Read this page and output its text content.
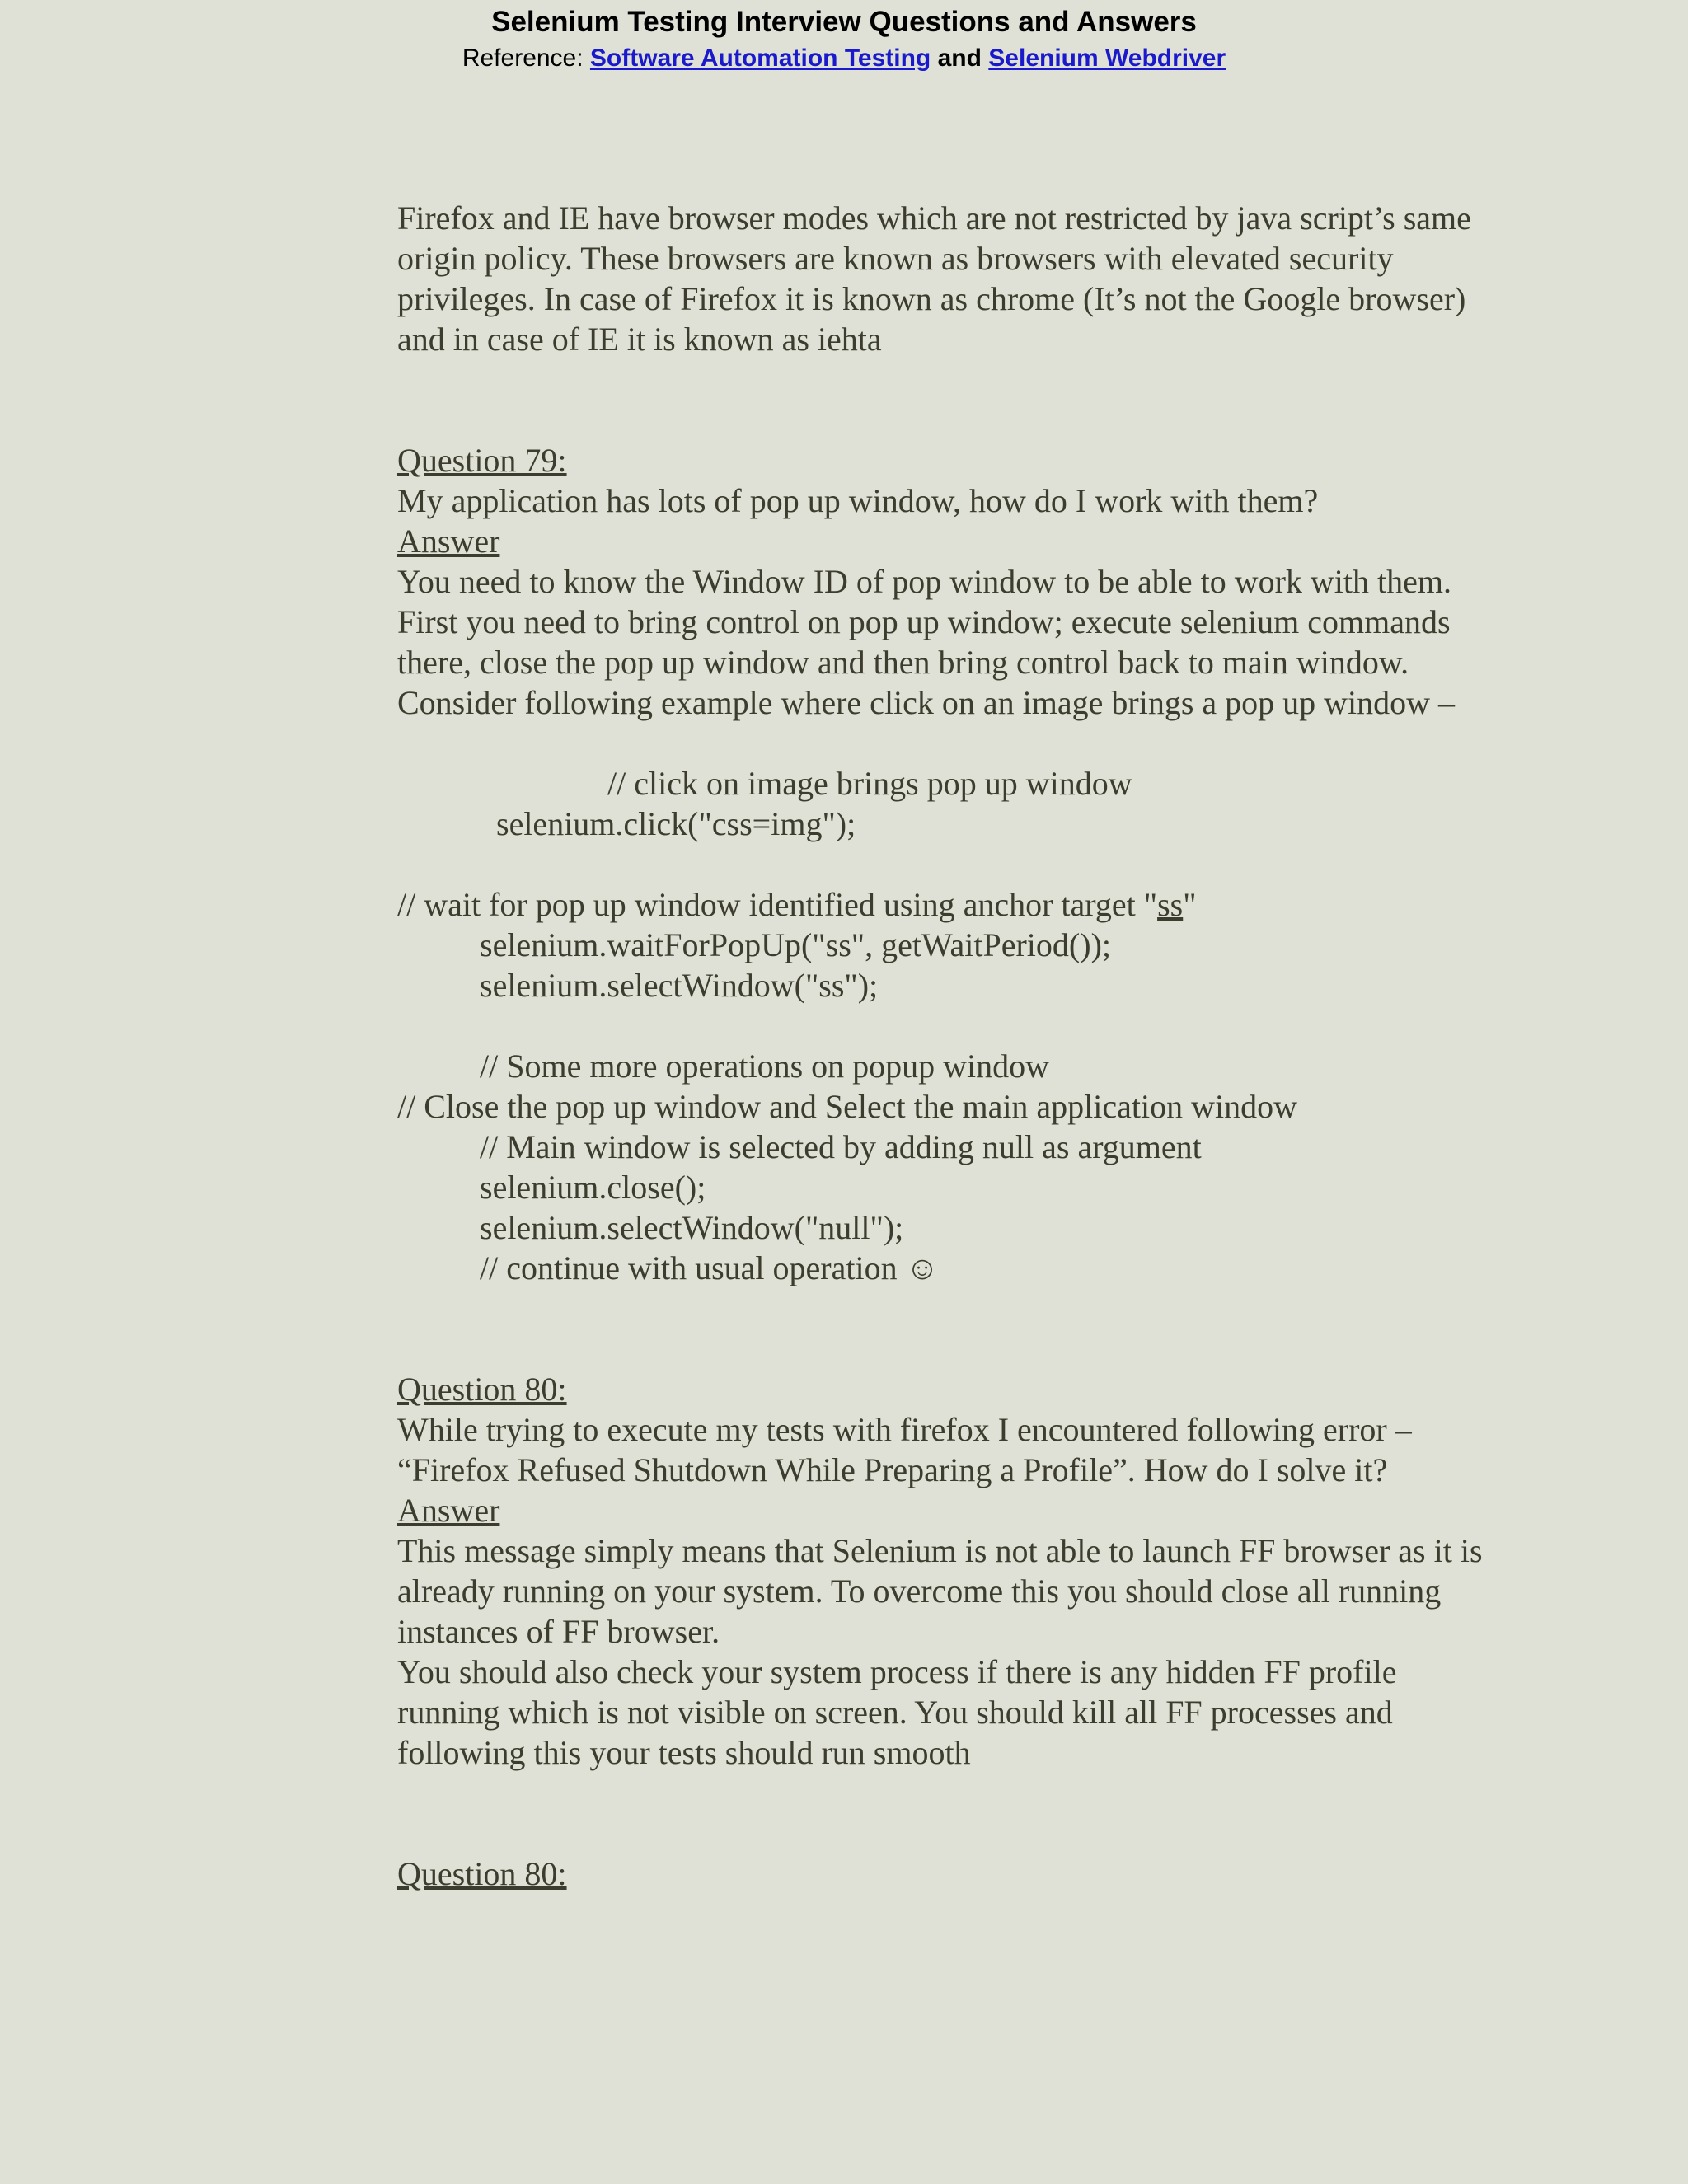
Selenium Testing Interview Questions and Answers
Reference: Software Automation Testing and Selenium Webdriver

Firefox and IE have browser modes which are not restricted by java script’s same origin policy. These browsers are known as browsers with elevated security privileges. In case of Firefox it is known as chrome (It’s not the Google browser) and in case of IE it is known as iehta

Question 79:

My application has lots of pop up window, how do I work with them?

Answer

You need to know the Window ID of pop window to be able to work with them.

First you need to bring control on pop up window; execute selenium commands there, close the pop up window and then bring control back to main window. Consider following example where click on an image brings a pop up window –

// click on image brings pop up window

selenium.click("css=img");

// wait for pop up window identified using anchor target "ss"

selenium.waitForPopUp("ss", getWaitPeriod());

selenium.selectWindow("ss");

// Some more operations on popup window

// Close the pop up window and Select the main application window

// Main window is selected by adding null as argument

selenium.close();

selenium.selectWindow("null");

// continue with usual operation ☺

Question 80:

While trying to execute my tests with firefox I encountered following error – “Firefox Refused Shutdown While Preparing a Profile”. How do I solve it?

Answer

This message simply means that Selenium is not able to launch FF browser as it is already running on your system. To overcome this you should close all running instances of FF browser.

You should also check your system process if there is any hidden FF profile running which is not visible on screen. You should kill all FF processes and following this your tests should run smooth

Question 80:
